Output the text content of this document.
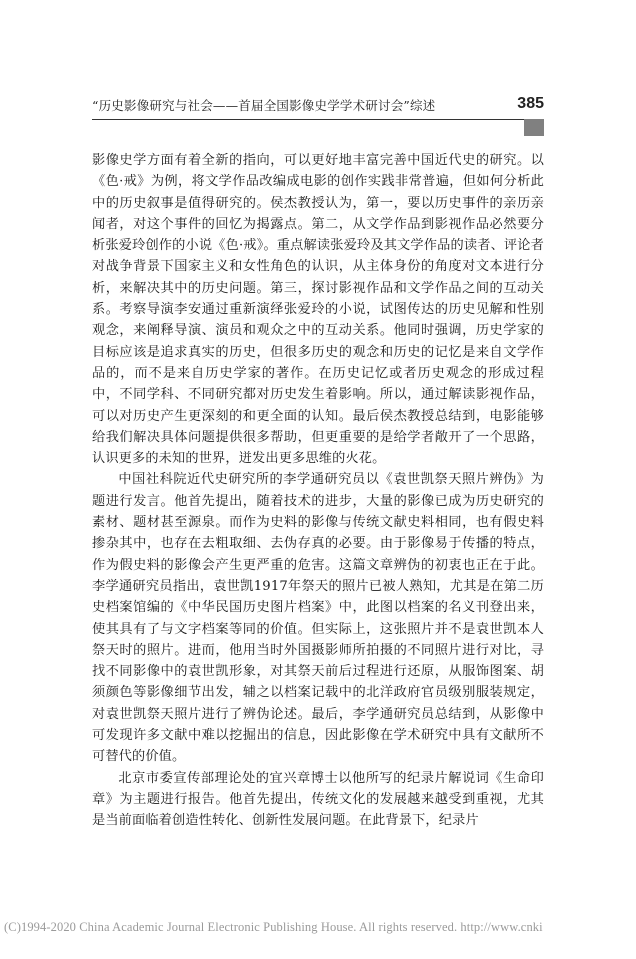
“历史影像研究与社会——首届全国影像史学学术研讨会”综述	385

影像史学方面有着全新的指向，可以更好地丰富完善中国近代史的研究。以《色·戒》为例，将文学作品改编成电影的创作实践非常普遍，但如何分析此中的历史叙事是值得研究的。侯杰教授认为，第一，要以历史事件的亲历亲闻者，对这个事件的回忆为揭露点。第二，从文学作品到影视作品必然要分析张爱玲创作的小说《色·戒》。重点解读张爱玲及其文学作品的读者、评论者对战争背景下国家主义和女性角色的认识，从主体身份的角度对文本进行分析，来解决其中的历史问题。第三，探讨影视作品和文学作品之间的互动关系。考察导演李安通过重新演绎张爱玲的小说，试图传达的历史见解和性别观念，来阐释导演、演员和观众之中的互动关系。他同时强调，历史学家的目标应该是追求真实的历史，但很多历史的观念和历史的记忆是来自文学作品的，而不是来自历史学家的著作。在历史记忆或者历史观念的形成过程中，不同学科、不同研究都对历史发生着影响。所以，通过解读影视作品，可以对历史产生更深刻的和更全面的认知。最后侯杰教授总结到，电影能够给我们解决具体问题提供很多帮助，但更重要的是给学者敞开了一个思路，认识更多的未知的世界，迸发出更多思维的火花。

中国社科院近代史研究所的李学通研究员以《袁世凯祭天照片辨伪》为题进行发言。他首先提出，随着技术的进步，大量的影像已成为历史研究的素材、题材甚至源泉。而作为史料的影像与传统文献史料相同，也有假史料掺杂其中，也存在去粗取细、去伪存真的必要。由于影像易于传播的特点，作为假史料的影像会产生更严重的危害。这篇文章辨伪的初衷也正在于此。李学通研究员指出，袁世凯1917年祭天的照片已被人熟知，尤其是在第二历史档案馆编的《中华民国历史图片档案》中，此图以档案的名义刊登出来，使其具有了与文字档案等同的价值。但实际上，这张照片并不是袁世凯本人祭天时的照片。进而，他用当时外国摄影师所拍摄的不同照片进行对比，寻找不同影像中的袁世凯形象，对其祭天前后过程进行还原，从服饰图案、胡须颜色等影像细节出发，辅之以档案记载中的北洋政府官员级别服装规定，对袁世凯祭天照片进行了辨伪论述。最后，李学通研究员总结到，从影像中可发现许多文献中难以挖掘出的信息，因此影像在学术研究中具有文献所不可替代的价值。

北京市委宣传部理论处的宜兴章博士以他所写的纪录片解说词《生命印章》为主题进行报告。他首先提出，传统文化的发展越来越受到重视，尤其是当前面临着创造性转化、创新性发展问题。在此背景下，纪录片

(C)1994-2020 China Academic Journal Electronic Publishing House. All rights reserved. http://www.cnki
